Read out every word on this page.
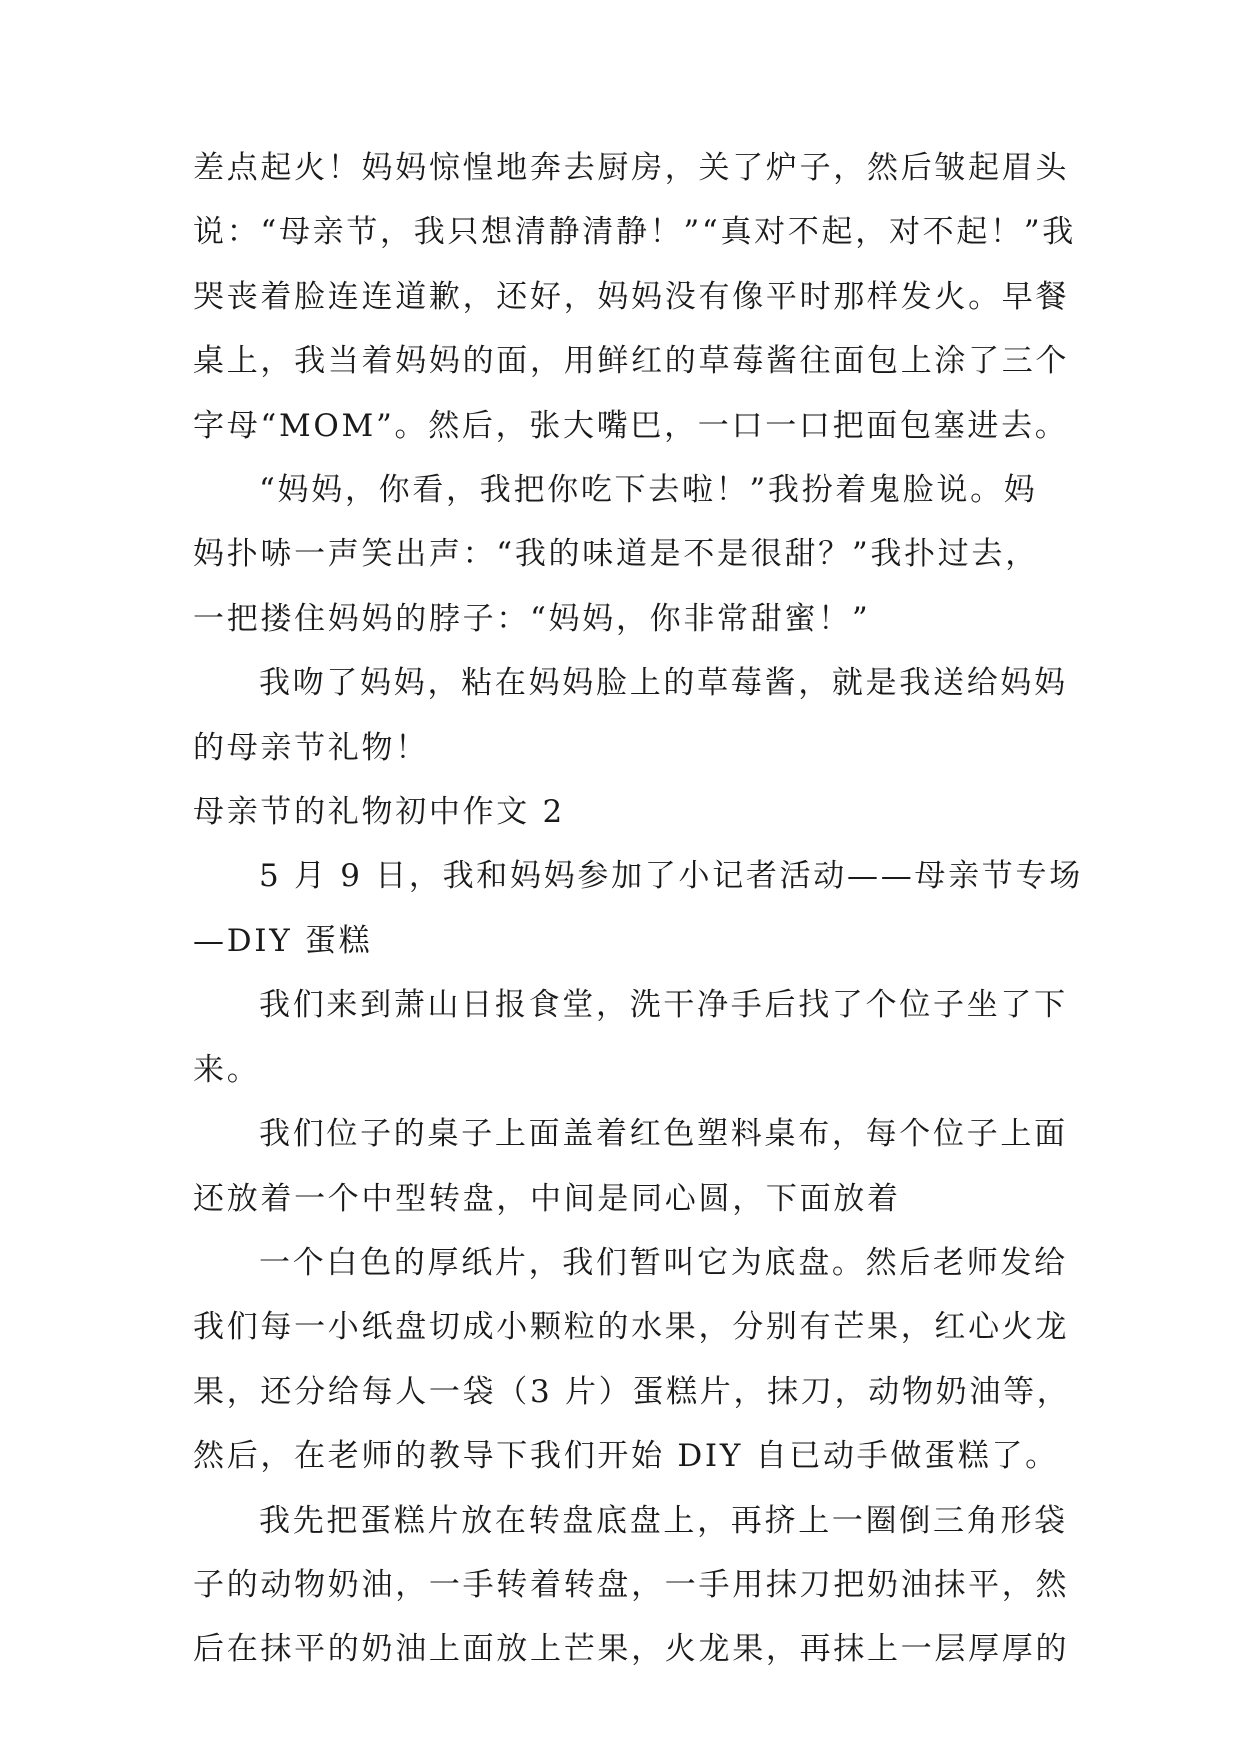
差点起火！妈妈惊惶地奔去厨房，关了炉子，然后皱起眉头
说：“母亲节，我只想清静清静！”“真对不起，对不起！”我
哭丧着脸连连道歉，还好，妈妈没有像平时那样发火。早餐
桌上，我当着妈妈的面，用鲜红的草莓酱往面包上涂了三个
字母“MOM”。然后，张大嘴巴，一口一口把面包塞进去。
“妈妈，你看，我把你吃下去啦！”我扮着鬼脸说。妈
妈扑哧一声笑出声：“我的味道是不是很甜？”我扑过去，
一把搂住妈妈的脖子：“妈妈，你非常甜蜜！”
我吻了妈妈，粘在妈妈脸上的草莓酱，就是我送给妈妈
的母亲节礼物！
母亲节的礼物初中作文 2
5 月 9 日，我和妈妈参加了小记者活动——母亲节专场
—DIY 蛋糕
我们来到萧山日报食堂，洗干净手后找了个位子坐了下
来。
我们位子的桌子上面盖着红色塑料桌布，每个位子上面
还放着一个中型转盘，中间是同心圆，下面放着
一个白色的厚纸片，我们暂叫它为底盘。然后老师发给
我们每一小纸盘切成小颗粒的水果，分别有芒果，红心火龙
果，还分给每人一袋（3 片）蛋糕片，抹刀，动物奶油等，
然后，在老师的教导下我们开始 DIY 自已动手做蛋糕了。
我先把蛋糕片放在转盘底盘上，再挤上一圈倒三角形袋
子的动物奶油，一手转着转盘，一手用抹刀把奶油抹平，然
后在抹平的奶油上面放上芒果，火龙果，再抹上一层厚厚的
